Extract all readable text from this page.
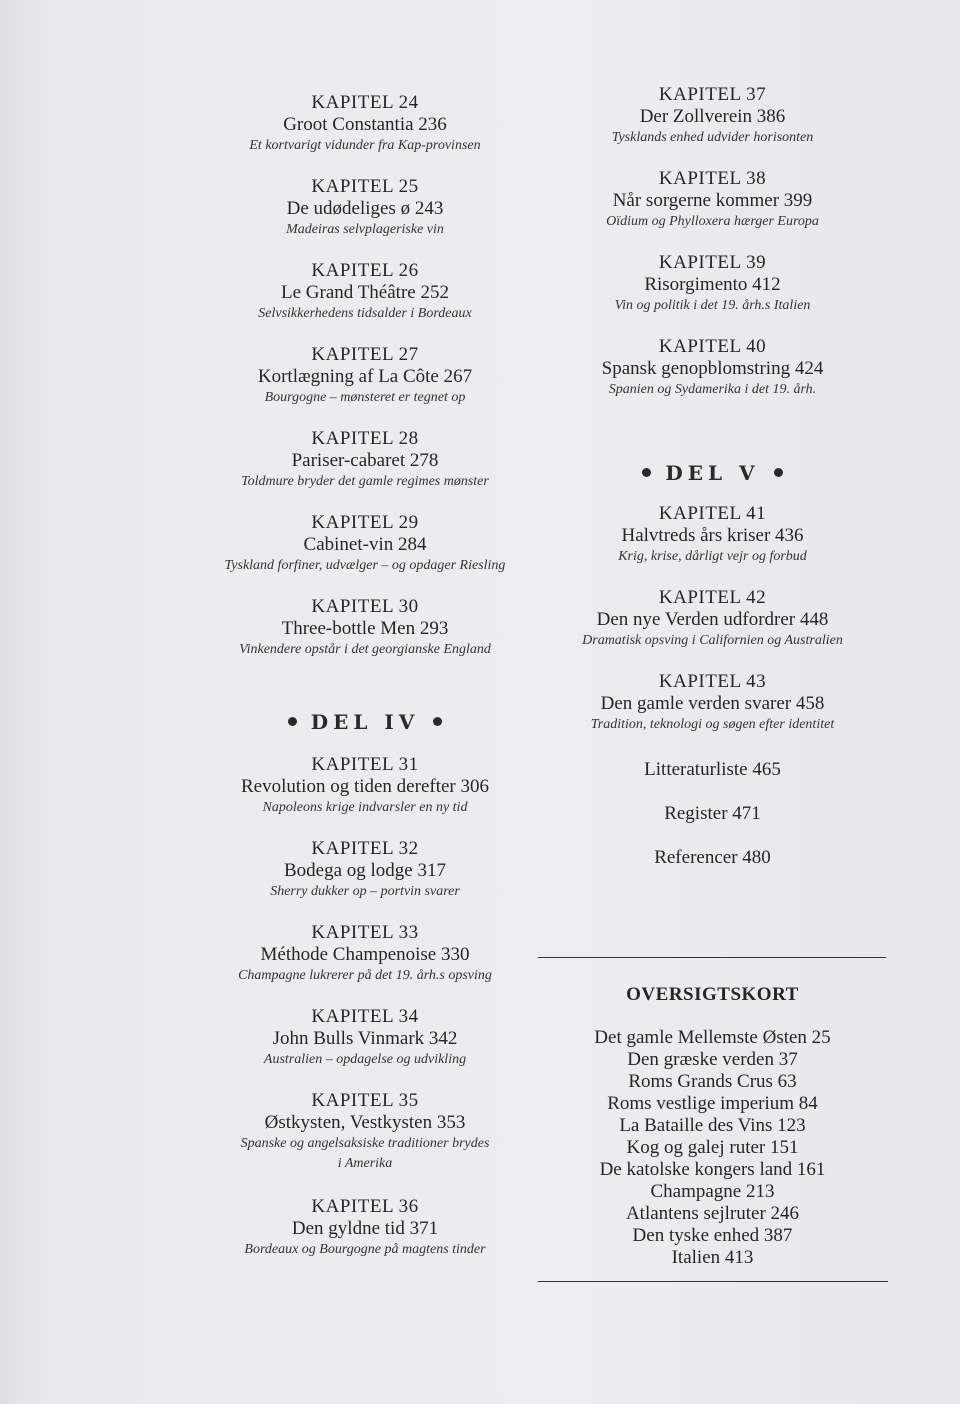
KAPITEL 24
Groot Constantia 236
Et kortvarigt vidunder fra Kap-provinsen
KAPITEL 25
De udødeliges ø 243
Madeiras selvplageriske vin
KAPITEL 26
Le Grand Théâtre 252
Selvsikkerhedens tidsalder i Bordeaux
KAPITEL 27
Kortlægning af La Côte 267
Bourgogne – mønsteret er tegnet op
KAPITEL 28
Pariser-cabaret 278
Toldmure bryder det gamle regimes mønster
KAPITEL 29
Cabinet-vin 284
Tyskland forfiner, udvælger – og opdager Riesling
KAPITEL 30
Three-bottle Men 293
Vinkendere opstår i det georgianske England
DEL IV
KAPITEL 31
Revolution og tiden derefter 306
Napoleons krige indvarsler en ny tid
KAPITEL 32
Bodega og lodge 317
Sherry dukker op – portvin svarer
KAPITEL 33
Méthode Champenoise 330
Champagne lukrerer på det 19. årh.s opsving
KAPITEL 34
John Bulls Vinmark 342
Australien – opdagelse og udvikling
KAPITEL 35
Østkysten, Vestkysten 353
Spanske og angelsaksiske traditioner brydes
i Amerika
KAPITEL 36
Den gyldne tid 371
Bordeaux og Bourgogne på magtens tinder
KAPITEL 37
Der Zollverein 386
Tysklands enhed udvider horisonten
KAPITEL 38
Når sorgerne kommer 399
Oïdium og Phylloxera hærger Europa
KAPITEL 39
Risorgimento 412
Vin og politik i det 19. årh.s Italien
KAPITEL 40
Spansk genopblomstring 424
Spanien og Sydamerika i det 19. årh.
DEL V
KAPITEL 41
Halvtreds års kriser 436
Krig, krise, dårligt vejr og forbud
KAPITEL 42
Den nye Verden udfordrer 448
Dramatisk opsving i Californien og Australien
KAPITEL 43
Den gamle verden svarer 458
Tradition, teknologi og søgen efter identitet
Litteraturliste 465
Register 471
Referencer 480
OVERSIGTSKORT
Det gamle Mellemste Østen 25
Den græske verden 37
Roms Grands Crus 63
Roms vestlige imperium 84
La Bataille des Vins 123
Kog og galej ruter 151
De katolske kongers land 161
Champagne 213
Atlantens sejlruter 246
Den tyske enhed 387
Italien 413
